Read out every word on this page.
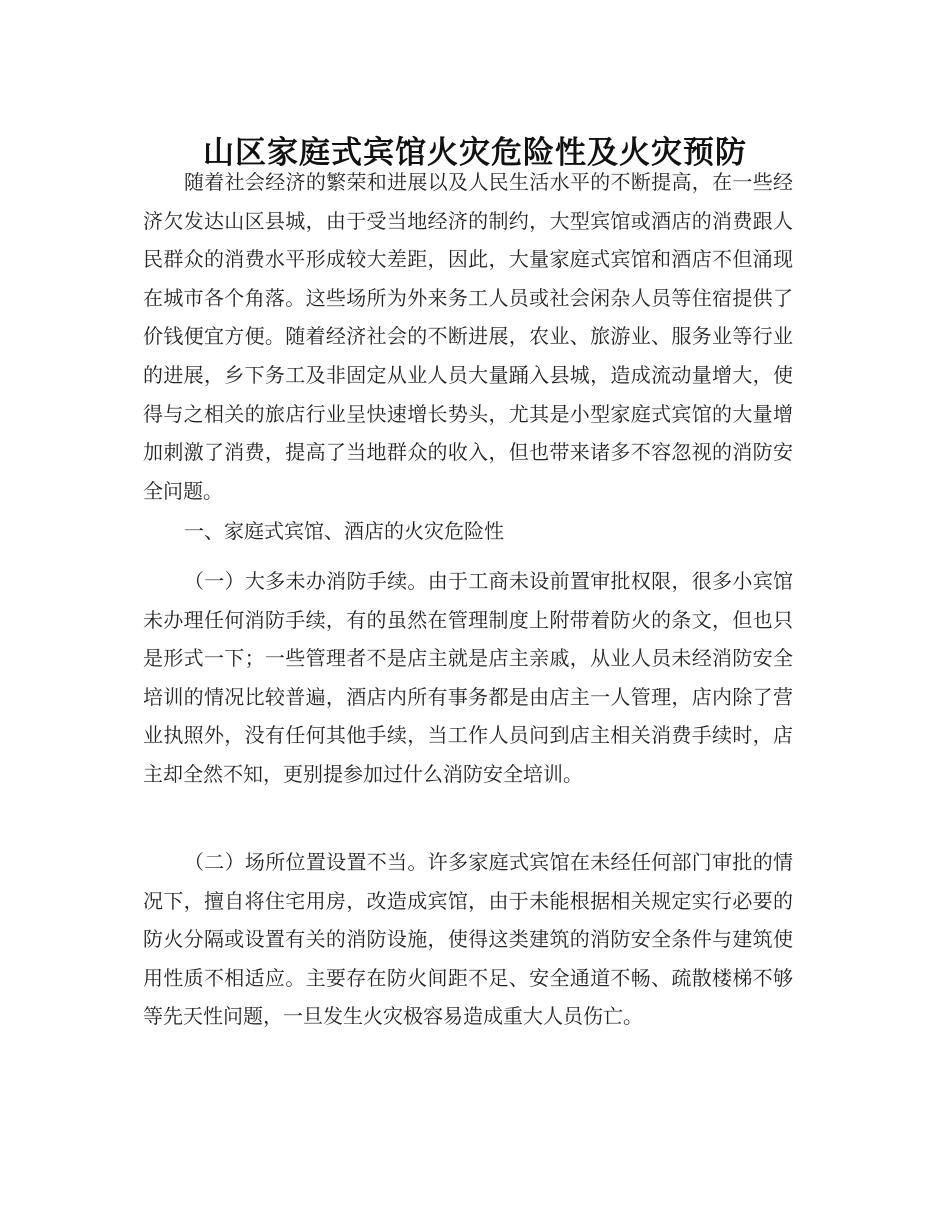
山区家庭式宾馆火灾危险性及火灾预防

随着社会经济的繁荣和进展以及人民生活水平的不断提高，在一些经济欠发达山区县城，由于受当地经济的制约，大型宾馆或酒店的消费跟人民群众的消费水平形成较大差距，因此，大量家庭式宾馆和酒店不但涌现在城市各个角落。这些场所为外来务工人员或社会闲杂人员等住宿提供了价钱便宜方便。随着经济社会的不断进展，农业、旅游业、服务业等行业的进展，乡下务工及非固定从业人员大量踊入县城，造成流动量增大，使得与之相关的旅店行业呈快速增长势头，尤其是小型家庭式宾馆的大量增加刺激了消费，提高了当地群众的收入，但也带来诸多不容忽视的消防安全问题。

一、家庭式宾馆、酒店的火灾危险性

（一）大多未办消防手续。由于工商未设前置审批权限，很多小宾馆未办理任何消防手续，有的虽然在管理制度上附带着防火的条文，但也只是形式一下；一些管理者不是店主就是店主亲戚，从业人员未经消防安全培训的情况比较普遍，酒店内所有事务都是由店主一人管理，店内除了营业执照外，没有任何其他手续，当工作人员问到店主相关消费手续时，店主却全然不知，更别提参加过什么消防安全培训。

（二）场所位置设置不当。许多家庭式宾馆在未经任何部门审批的情况下，擅自将住宅用房，改造成宾馆，由于未能根据相关规定实行必要的防火分隔或设置有关的消防设施，使得这类建筑的消防安全条件与建筑使用性质不相适应。主要存在防火间距不足、安全通道不畅、疏散楼梯不够等先天性问题，一旦发生火灾极容易造成重大人员伤亡。
